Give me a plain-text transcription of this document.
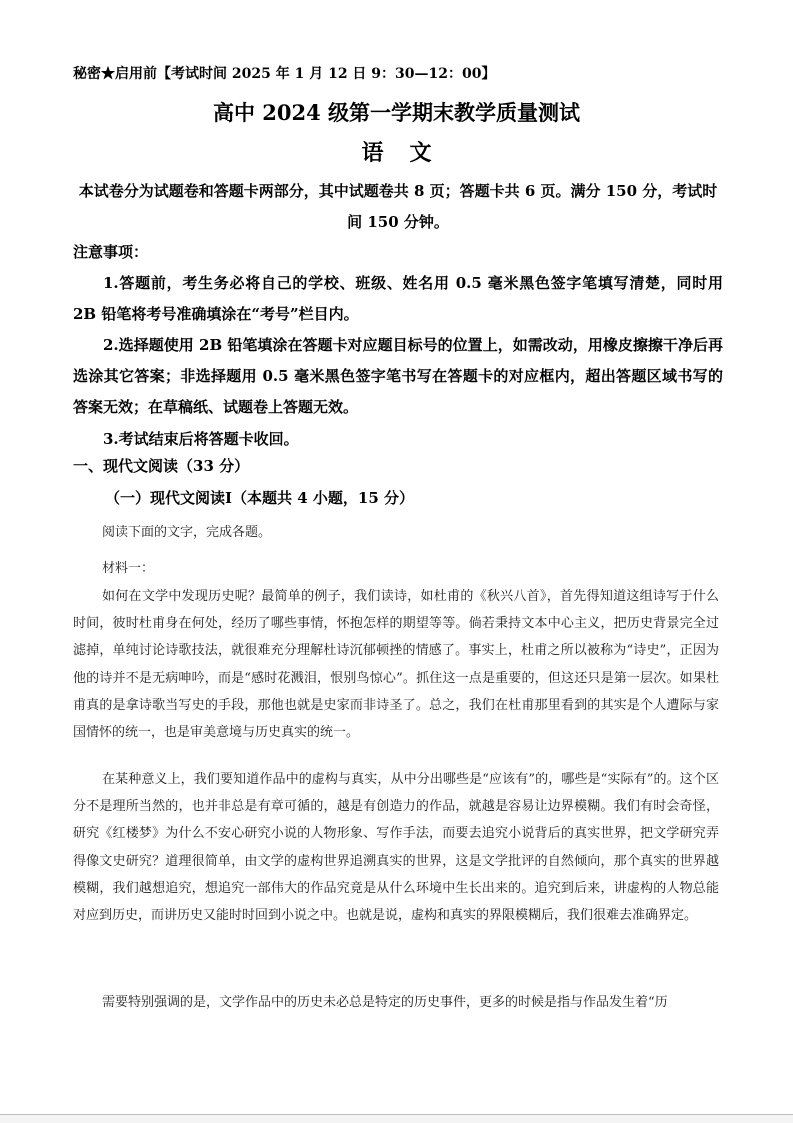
秘密★启用前【考试时间 2025 年 1 月 12 日 9：30—12：00】
高中 2024 级第一学期末教学质量测试
语文
本试卷分为试题卷和答题卡两部分，其中试题卷共 8 页；答题卡共 6 页。满分 150 分，考试时间 150 分钟。
注意事项：
1.答题前，考生务必将自己的学校、班级、姓名用 0.5 毫米黑色签字笔填写清楚，同时用 2B 铅笔将考号准确填涂在“考号”栏目内。
2.选择题使用 2B 铅笔填涂在答题卡对应题目标号的位置上，如需改动，用橡皮擦擦干净后再选涂其它答案；非选择题用 0.5 毫米黑色签字笔书写在答题卡的对应框内，超出答题区域书写的答案无效；在草稿纸、试题卷上答题无效。
3.考试结束后将答题卡收回。
一、现代文阅读（33 分）
（一）现代文阅读Ⅰ（本题共 4 小题，15 分）
阅读下面的文字，完成各题。
材料一：
如何在文学中发现历史呢？最简单的例子，我们读诗，如杜甫的《秋兴八首》，首先得知道这组诗写于什么时间，彼时杜甫身在何处，经历了哪些事情，怀抱怎样的期望等等。倘若秉持文本中心主义，把历史背景完全过滤掉，单纯讨论诗歌技法，就很难充分理解杜诗沉郁顿挫的情感了。事实上，杜甫之所以被称为“诗史”，正因为他的诗并不是无病呻吟，而是“感时花溅泪，恨别鸟惊心”。抓住这一点是重要的，但这还只是第一层次。如果杜甫真的是拿诗歌当写史的手段，那他也就是史家而非诗圣了。总之，我们在杜甫那里看到的其实是个人遭际与家国情怀的统一，也是审美意境与历史真实的统一。
在某种意义上，我们要知道作品中的虚构与真实，从中分出哪些是“应该有”的，哪些是“实际有”的。这个区分不是理所当然的，也并非总是有章可循的，越是有创造力的作品，就越是容易让边界模糊。我们有时会奇怪，研究《红楼梦》为什么不安心研究小说的人物形象、写作手法，而要去追究小说背后的真实世界，把文学研究弄得像文史研究？道理很简单，由文学的虚构世界追溯真实的世界，这是文学批评的自然倾向，那个真实的世界越模糊，我们越想追究，想追究一部伟大的作品究竟是从什么环境中生长出来的。追究到后来，讲虚构的人物总能对应到历史，而讲历史又能时时回到小说之中。也就是说，虚构和真实的界限模糊后，我们很难去准确界定。
需要特别强调的是，文学作品中的历史未必总是特定的历史事件，更多的时候是指与作品发生着“历
